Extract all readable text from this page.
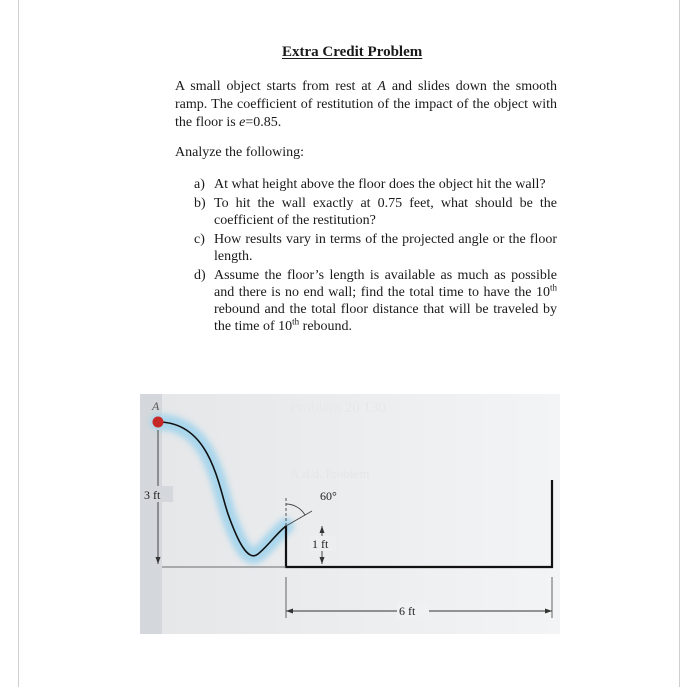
Extra Credit Problem
A small object starts from rest at A and slides down the smooth ramp. The coefficient of restitution of the impact of the object with the floor is e=0.85.
Analyze the following:
a) At what height above the floor does the object hit the wall?
b) To hit the wall exactly at 0.75 feet, what should be the coefficient of the restitution?
c) How results vary in terms of the projected angle or the floor length.
d) Assume the floor’s length is available as much as possible and there is no end wall; find the total time to have the 10th rebound and the total floor distance that will be traveled by the time of 10th rebound.
Problem 20 130
A.d.d. Problem
A
3 ft	60°
1 ft
6 ft
